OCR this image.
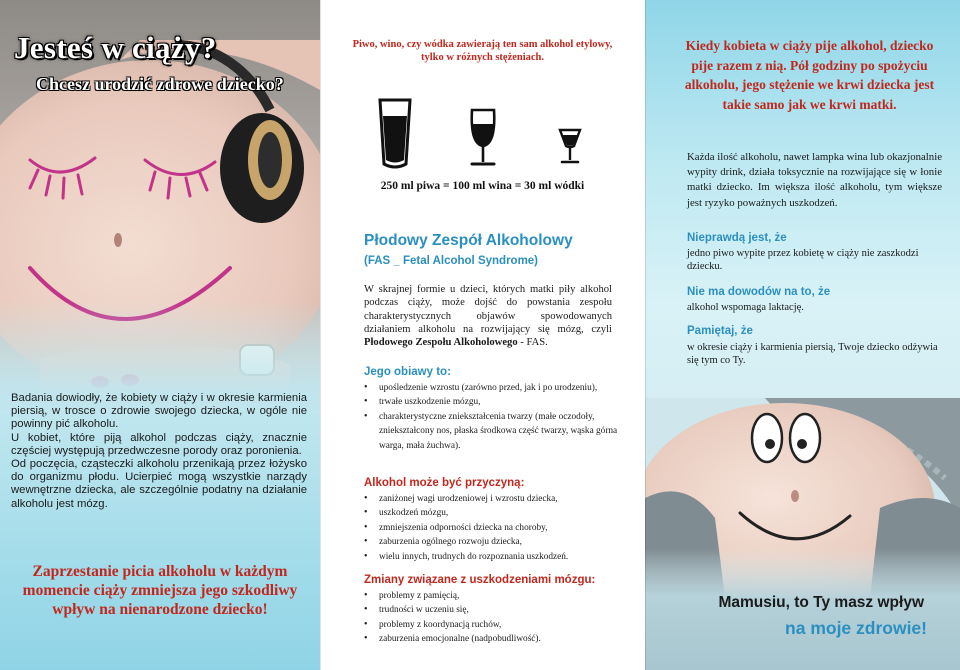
Jesteś w ciąży?
Chcesz urodzić zdrowe dziecko?

Badania dowiodły, że kobiety w ciąży i w okresie karmienia piersią, w trosce o zdrowie swojego dziecka, w ogóle nie powinny pić alkoholu.

U kobiet, które piją alkohol podczas ciąży, znacznie częściej występują przedwczesne porody oraz poronienia.

Od poczęcia, cząsteczki alkoholu przenikają przez łożysko do organizmu płodu. Ucierpieć mogą wszystkie narządy wewnętrzne dziecka, ale szczególnie podatny na działanie alkoholu jest mózg.

Zaprzestanie picia alkoholu w każdym momencie ciąży zmniejsza jego szkodliwy wpływ na nienarodzone dziecko!
Piwo, wino, czy wódka zawierają ten sam alkohol etylowy, tylko w różnych stężeniach.
250 ml piwa = 100 ml wina = 30 ml wódki
Płodowy Zespół Alkoholowy
(FAS _ Fetal Alcohol Syndrome)
W skrajnej formie u dzieci, których matki piły alkohol podczas ciąży, może dojść do powstania zespołu charakterystycznych objawów spowodowanych działaniem alkoholu na rozwijający się mózg, czyli Płodowego Zespołu Alkoholowego - FAS.
Jego obiawy to:
• upośledzenie wzrostu (zarówno przed, jak i po urodzeniu),
• trwałe uszkodzenie mózgu,
• charakterystyczne zniekształcenia twarzy (małe oczodoły, zniekształcony nos, płaska środkowa część twarzy, wąska górna warga, mała żuchwa).
Alkohol może być przyczyną:
• zaniżonej wagi urodzeniowej i wzrostu dziecka,
• uszkodzeń mózgu,
• zmniejszenia odporności dziecka na choroby,
• zaburzenia ogólnego rozwoju dziecka,
• wielu innych, trudnych do rozpoznania uszkodzeń.
Zmiany związane z uszkodzeniami mózgu:
• problemy z pamięcią,
• trudności w uczeniu się,
• problemy z koordynacją ruchów,
• zaburzenia emocjonalne (nadpobudliwość).
Kiedy kobieta w ciąży pije alkohol, dziecko pije razem z nią. Pół godziny po spożyciu alkoholu, jego stężenie we krwi dziecka jest takie samo jak we krwi matki.
Każda ilość alkoholu, nawet lampka wina lub okazjonalnie wypity drink, działa toksycznie na rozwijające się w łonie matki dziecko. Im większa ilość alkoholu, tym większe jest ryzyko poważnych uszkodzeń.
Nieprawdą jest, że
jedno piwo wypite przez kobietę w ciąży nie zaszkodzi dziecku.
Nie ma dowodów na to, że
alkohol wspomaga laktację.
Pamiętaj, że
w okresie ciąży i karmienia piersią, Twoje dziecko odżywia się tym co Ty.
Mamusiu, to Ty masz wpływ
na moje zdrowie!
